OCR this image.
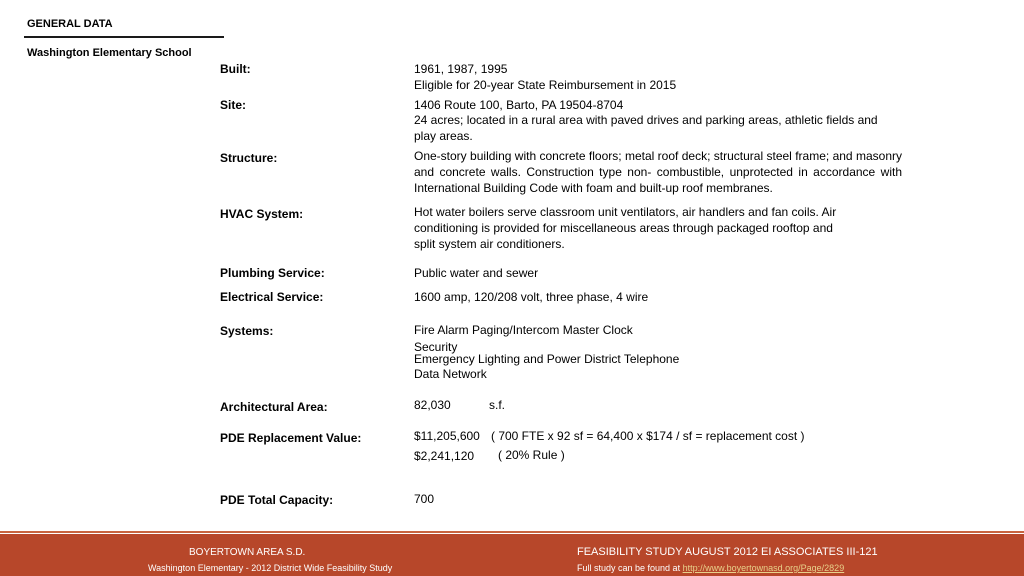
GENERAL DATA
Washington Elementary School
Built:	1961, 1987, 1995
Eligible for 20-year State Reimbursement in 2015
Site:	1406 Route 100, Barto, PA 19504-8704
24 acres; located in a rural area with paved drives and parking areas, athletic fields and play areas.
Structure:	One-story building with concrete floors; metal roof deck; structural steel frame; and masonry and concrete walls. Construction type non- combustible, unprotected in accordance with International Building Code with foam and built-up roof membranes.
HVAC System:	Hot water boilers serve classroom unit ventilators, air handlers and fan coils. Air
conditioning is provided for miscellaneous areas through packaged rooftop and
split system air conditioners.
Plumbing Service:	Public water and sewer
Electrical Service:	1600 amp, 120/208 volt, three phase, 4 wire
Systems:	Fire Alarm Paging/Intercom Master Clock
Security
Emergency Lighting and Power District Telephone
Data Network
Architectural Area:	82,030	s.f.
PDE Replacement Value:	$11,205,600 ( 700 FTE x 92 sf = 64,400 x $174 / sf = replacement cost )
$2,241,120 ( 20% Rule )
PDE Total Capacity:	700
BOYERTOWN AREA S.D.
Washington Elementary - 2012 District Wide Feasibility Study
FEASIBILITY STUDY AUGUST 2012 EI ASSOCIATES III-121
Full study can be found at http://www.boyertownasd.org/Page/2829
